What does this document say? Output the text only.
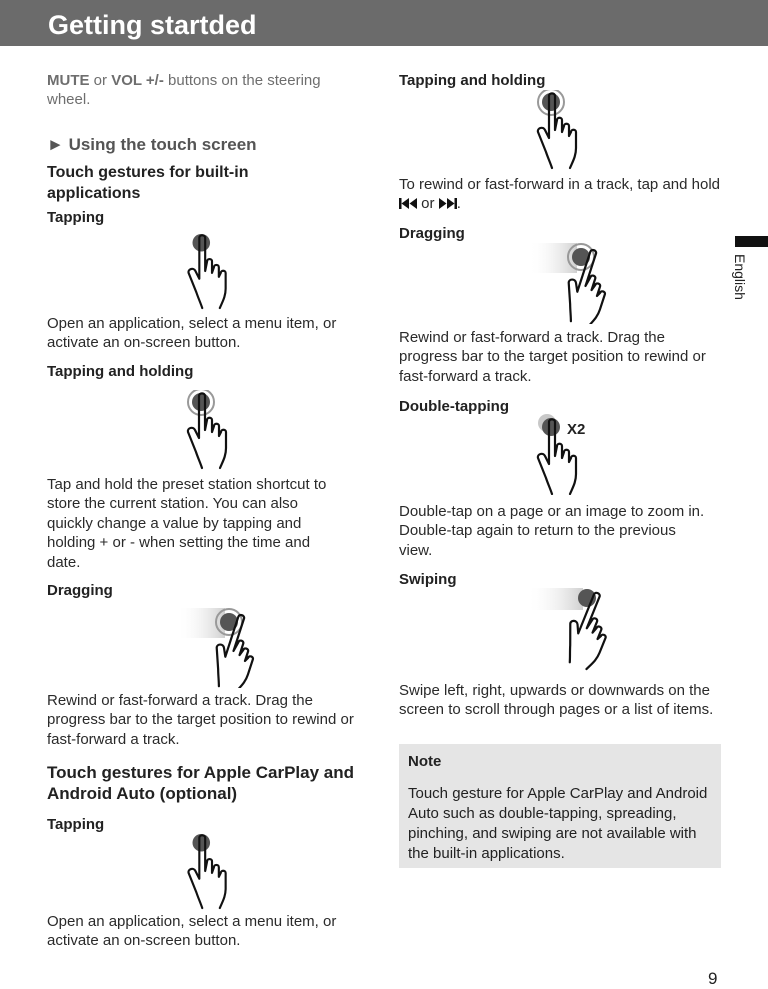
Getting startded

MUTE or VOL +/- buttons on the steering wheel.

► Using the touch screen
Touch gestures for built-in applications
Tapping

Open an application, select a menu item, or activate an on-screen button.

Tapping and holding

Tap and hold the preset station shortcut to store the current station. You can also quickly change a value by tapping and holding + or - when setting the time and date.

Dragging

Rewind or fast-forward a track. Drag the progress bar to the target position to rewind or fast-forward a track.

Touch gestures for Apple CarPlay and Android Auto (optional)
Tapping

Open an application, select a menu item, or activate an on-screen button.

Tapping and holding

To rewind or fast-forward in a track, tap and hold  or .

Dragging

Rewind or fast-forward a track. Drag the progress bar to the target position to rewind or fast-forward a track.

Double-tapping
X2

Double-tap on a page or an image to zoom in. Double-tap again to return to the previous view.

Swiping

Swipe left, right, upwards or downwards on the screen to scroll through pages or a list of items.

Note
Touch gesture for Apple CarPlay and Android Auto such as double-tapping, spreading, pinching, and swiping are not available with the built-in applications.
English
9
